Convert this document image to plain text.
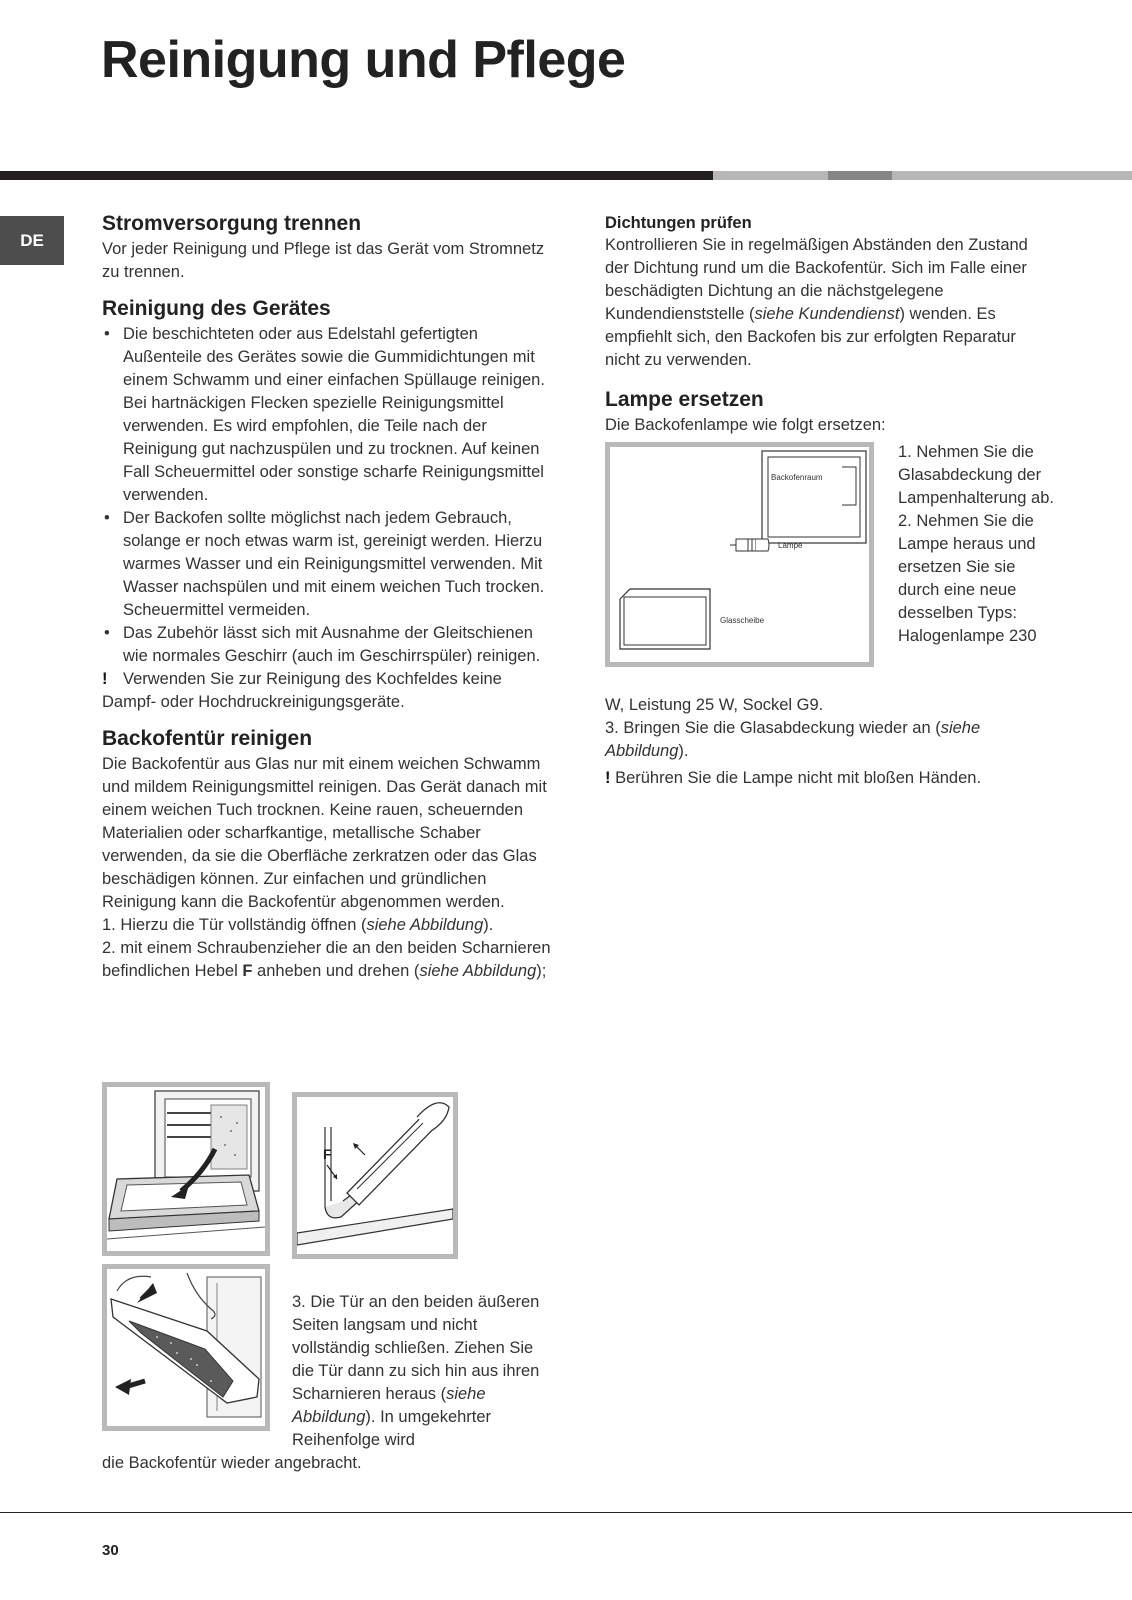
Reinigung und Pflege
DE
Stromversorgung trennen

Vor jeder Reinigung und Pflege ist das Gerät vom Stromnetz zu trennen.

Reinigung des Gerätes
• Die beschichteten oder aus Edelstahl gefertigten Außenteile des Gerätes sowie die Gummidichtungen mit einem Schwamm und einer einfachen Spüllauge reinigen. Bei hartnäckigen Flecken spezielle Reinigungsmittel verwenden. Es wird empfohlen, die Teile nach der Reinigung gut nachzuspülen und zu trocknen. Auf keinen Fall Scheuermittel oder sonstige scharfe Reinigungsmittel verwenden.
• Der Backofen sollte möglichst nach jedem Gebrauch, solange er noch etwas warm ist, gereinigt werden. Hierzu warmes Wasser und ein Reinigungsmittel verwenden. Mit Wasser nachspülen und mit einem weichen Tuch trocken. Scheuermittel vermeiden.
• Das Zubehör lässt sich mit Ausnahme der Gleitschienen wie normales Geschirr (auch im Geschirrspüler) reinigen.

! Verwenden Sie zur Reinigung des Kochfeldes keine Dampf- oder Hochdruckreinigungsgeräte.

Backofentür reinigen

Die Backofentür aus Glas nur mit einem weichen Schwamm und mildem Reinigungsmittel reinigen. Das Gerät danach mit einem weichen Tuch trocknen. Keine rauen, scheuernden Materialien oder scharfkantige, metallische Schaber verwenden, da sie die Oberfläche zerkratzen oder das Glas beschädigen können. Zur einfachen und gründlichen Reinigung kann die Backofentür abgenommen werden.

1. Hierzu die Tür vollständig öffnen (siehe Abbildung).

2. mit einem Schraubenzieher die an den beiden Scharnieren befindlichen Hebel F anheben und drehen (siehe Abbildung);

F

3. Die Tür an den beiden äußeren Seiten langsam und nicht vollständig schließen. Ziehen Sie die Tür dann zu sich hin aus ihren Scharnieren heraus (siehe Abbildung). In umgekehrter Reihenfolge wird

die Backofentür wieder angebracht.

Dichtungen prüfen

Kontrollieren Sie in regelmäßigen Abständen den Zustand der Dichtung rund um die Backofentür. Sich im Falle einer beschädigten Dichtung an die nächstgelegene Kundendienststelle (siehe Kundendienst) wenden. Es empfiehlt sich, den Backofen bis zur erfolgten Reparatur nicht zu verwenden.

Lampe ersetzen

Die Backofenlampe wie folgt ersetzen:

Backofenraum
Lampe
Glasscheibe

1. Nehmen Sie die Glasabdeckung der Lampenhalterung ab. 2. Nehmen Sie die Lampe heraus und ersetzen Sie sie durch eine neue desselben Typs: Halogenlampe 230

W, Leistung 25 W, Sockel G9.

3. Bringen Sie die Glasabdeckung wieder an (siehe Abbildung).

! Berühren Sie die Lampe nicht mit bloßen Händen.

30
